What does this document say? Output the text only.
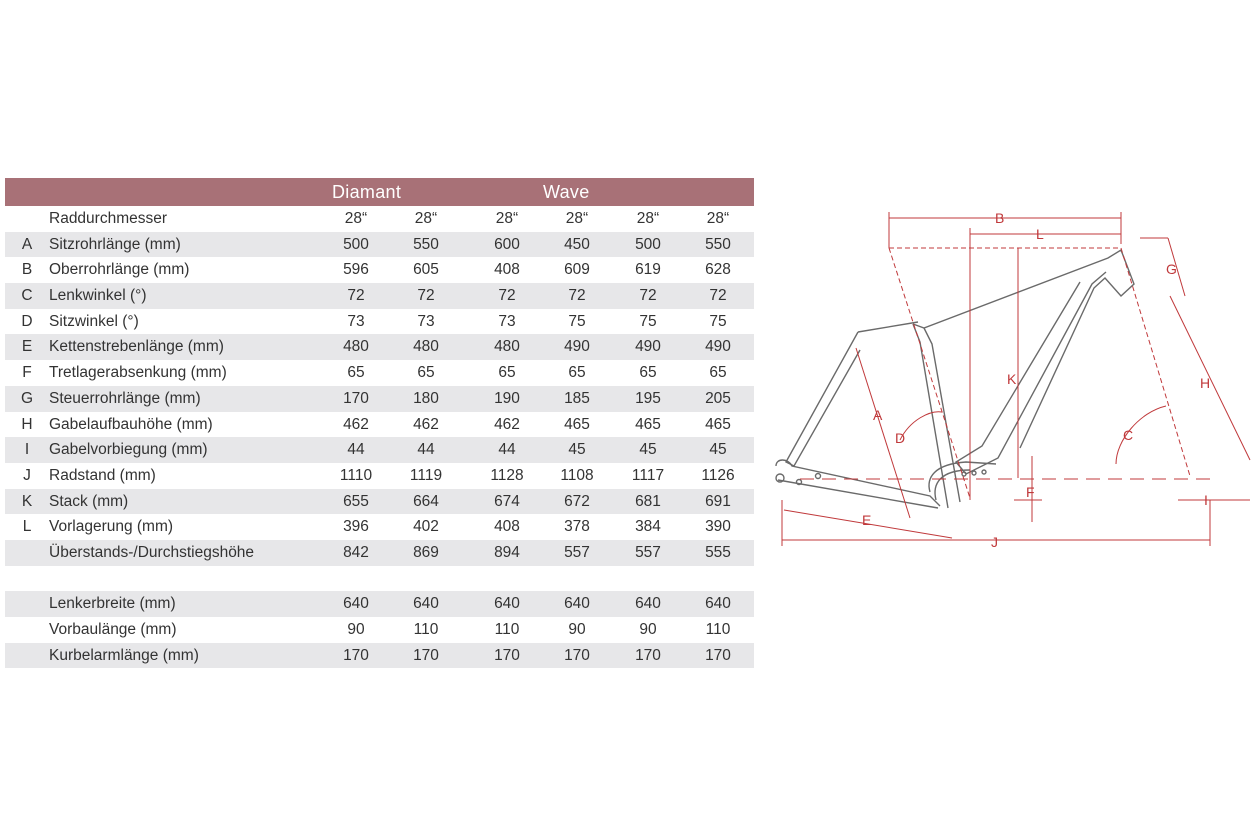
Diamant	Wave
Raddurchmesser	28“	28“	28“	28“	28“	28“
A	Sitzrohrlänge (mm)	500	550	600	450	500	550
B	Oberrohrlänge (mm)	596	605	408	609	619	628
C	Lenkwinkel (°)	72	72	72	72	72	72
D	Sitzwinkel (°)	73	73	73	75	75	75
E	Kettenstrebenlänge (mm)	480	480	480	490	490	490
F	Tretlagerabsenkung (mm)	65	65	65	65	65	65
G	Steuerrohrlänge (mm)	170	180	190	185	195	205
H	Gabelaufbauhöhe (mm)	462	462	462	465	465	465
I	Gabelvorbiegung (mm)	44	44	44	45	45	45
J	Radstand (mm)	1110	1119	1128	1108	1117	1126
K	Stack (mm)	655	664	674	672	681	691
L	Vorlagerung (mm)	396	402	408	378	384	390
Überstands-/Durchstiegshöhe	842	869	894	557	557	555
Lenkerbreite (mm)	640	640	640	640	640	640
Vorbaulänge (mm)	90	110	110	90	90	110
Kurbelarmlänge (mm)	170	170	170	170	170	170
B
L
G
K	H
A
D	C
F	I
E
J
